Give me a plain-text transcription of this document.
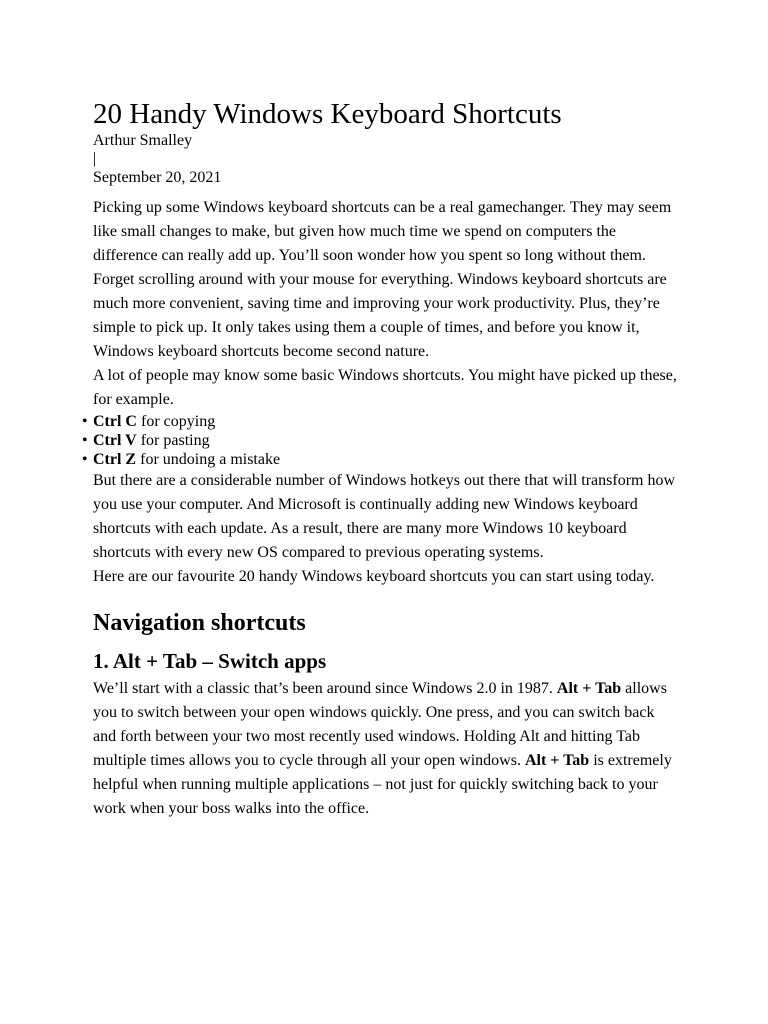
20 Handy Windows Keyboard Shortcuts
Arthur Smalley
|
September 20, 2021

Picking up some Windows keyboard shortcuts can be a real gamechanger. They may seem like small changes to make, but given how much time we spend on computers the difference can really add up. You’ll soon wonder how you spent so long without them.

Forget scrolling around with your mouse for everything. Windows keyboard shortcuts are much more convenient, saving time and improving your work productivity. Plus, they’re simple to pick up. It only takes using them a couple of times, and before you know it, Windows keyboard shortcuts become second nature.

A lot of people may know some basic Windows shortcuts. You might have picked up these, for example.

• Ctrl C for copying
• Ctrl V for pasting
• Ctrl Z for undoing a mistake

But there are a considerable number of Windows hotkeys out there that will transform how you use your computer. And Microsoft is continually adding new Windows keyboard shortcuts with each update. As a result, there are many more Windows 10 keyboard shortcuts with every new OS compared to previous operating systems.

Here are our favourite 20 handy Windows keyboard shortcuts you can start using today.

Navigation shortcuts
1. Alt + Tab – Switch apps

We’ll start with a classic that’s been around since Windows 2.0 in 1987. Alt + Tab allows you to switch between your open windows quickly. One press, and you can switch back and forth between your two most recently used windows. Holding Alt and hitting Tab multiple times allows you to cycle through all your open windows. Alt + Tab is extremely helpful when running multiple applications – not just for quickly switching back to your work when your boss walks into the office.
